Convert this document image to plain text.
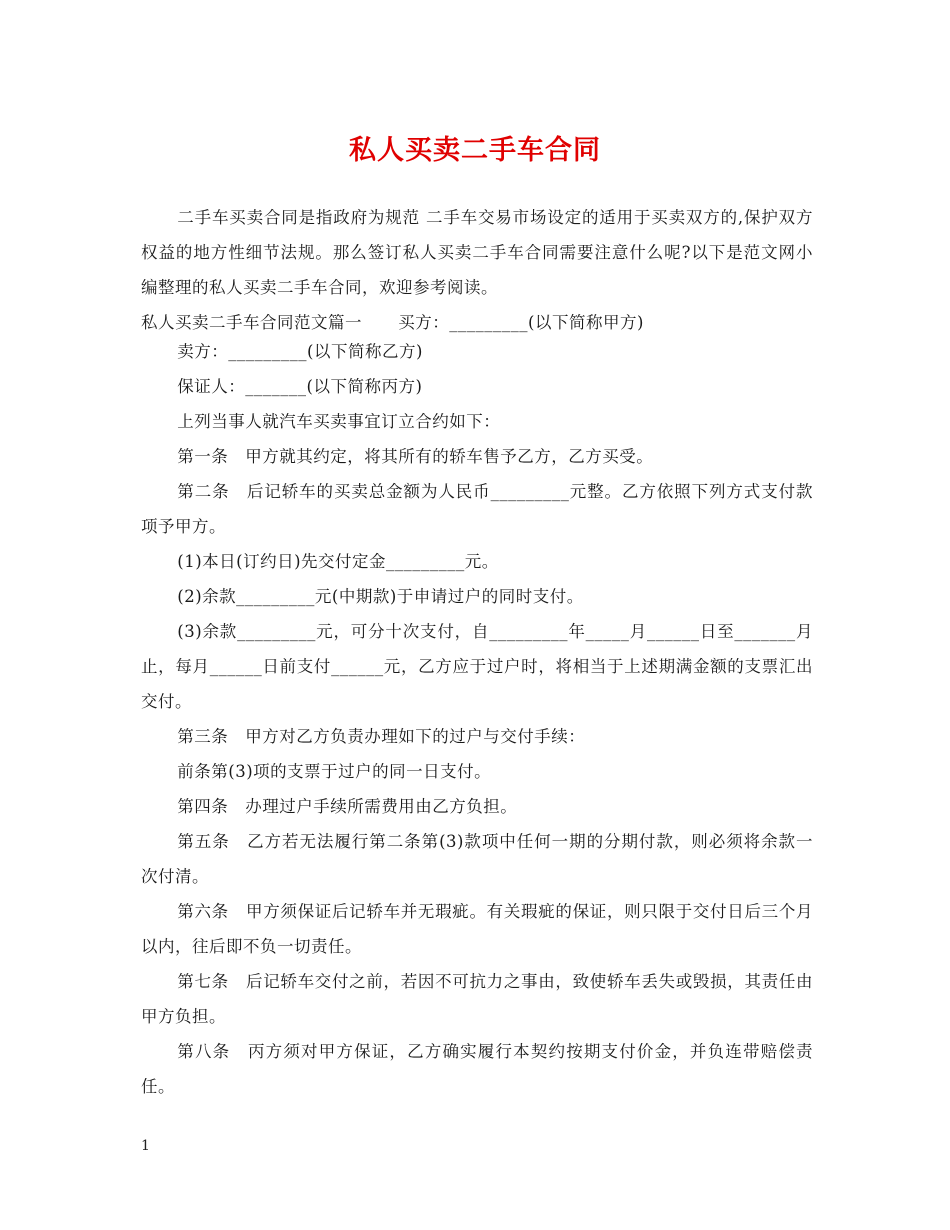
私人买卖二手车合同

二手车买卖合同是指政府为规范 二手车交易市场设定的适用于买卖双方的,保护双方权益的地方性细节法规。那么签订私人买卖二手车合同需要注意什么呢?以下是范文网小编整理的私人买卖二手车合同，欢迎参考阅读。

私人买卖二手车合同范文篇一 买方：_________(以下简称甲方)

卖方：_________(以下简称乙方)

保证人：_______(以下简称丙方)

上列当事人就汽车买卖事宜订立合约如下：

第一条　甲方就其约定，将其所有的轿车售予乙方，乙方买受。

第二条　后记轿车的买卖总金额为人民币_________元整。乙方依照下列方式支付款项予甲方。

(1)本日(订约日)先交付定金_________元。

(2)余款_________元(中期款)于申请过户的同时支付。

(3)余款_________元，可分十次支付，自_________年_____月______日至_______月止，每月______日前支付______元，乙方应于过户时，将相当于上述期满金额的支票汇出交付。

第三条　甲方对乙方负责办理如下的过户与交付手续：

前条第(3)项的支票于过户的同一日支付。

第四条　办理过户手续所需费用由乙方负担。

第五条　乙方若无法履行第二条第(3)款项中任何一期的分期付款，则必须将余款一次付清。

第六条　甲方须保证后记轿车并无瑕疵。有关瑕疵的保证，则只限于交付日后三个月以内，往后即不负一切责任。

第七条　后记轿车交付之前，若因不可抗力之事由，致使轿车丢失或毁损，其责任由甲方负担。

第八条　丙方须对甲方保证，乙方确实履行本契约按期支付价金，并负连带赔偿责任。

1
